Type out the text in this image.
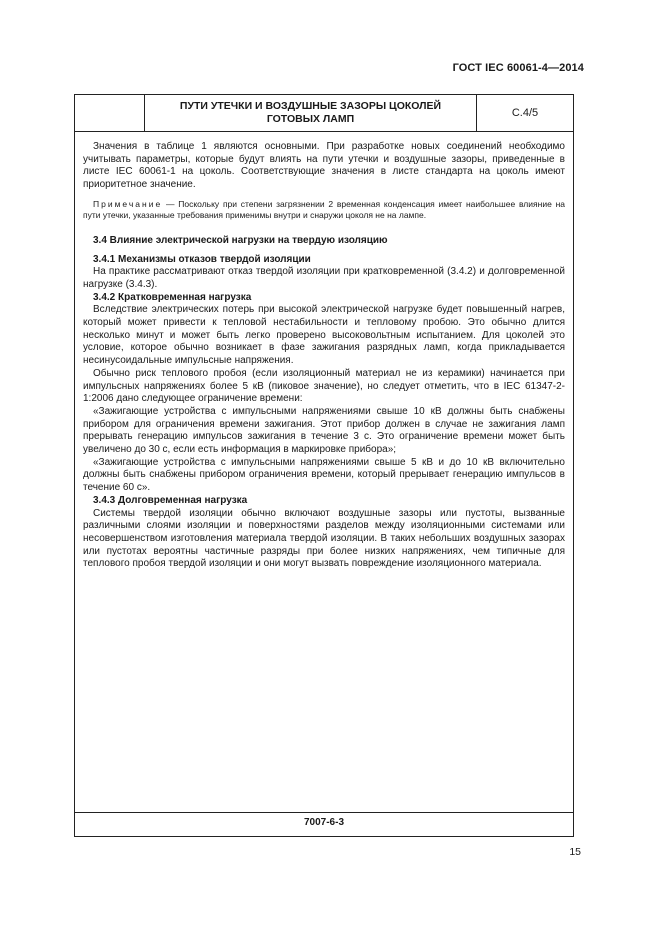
ГОСТ IEC 60061-4—2014
ПУТИ УТЕЧКИ И ВОЗДУШНЫЕ ЗАЗОРЫ ЦОКОЛЕЙ ГОТОВЫХ ЛАМП	С.4/5

Значения в таблице 1 являются основными. При разработке новых соединений необходимо учитывать параметры, которые будут влиять на пути утечки и воздушные зазоры, приведенные в листе IEC 60061-1 на цоколь. Соответствующие значения в листе стандарта на цоколь имеют приоритетное значение.

Примечание — Поскольку при степени загрязнении 2 временная конденсация имеет наибольшее влияние на пути утечки, указанные требования применимы внутри и снаружи цоколя не на лампе.

3.4 Влияние электрической нагрузки на твердую изоляцию
3.4.1 Механизмы отказов твердой изоляции

На практике рассматривают отказ твердой изоляции при кратковременной (3.4.2) и долговременной нагрузке (3.4.3).

3.4.2 Кратковременная нагрузка

Вследствие электрических потерь при высокой электрической нагрузке будет повышенный нагрев, который может привести к тепловой нестабильности и тепловому пробою. Это обычно длится несколько минут и может быть легко проверено высоковольтным испытанием. Для цоколей это условие, которое обычно возникает в фазе зажигания разрядных ламп, когда прикладывается несинусоидальные импульсные напряжения.

Обычно риск теплового пробоя (если изоляционный материал не из керамики) начинается при импульсных напряжениях более 5 кВ (пиковое значение), но следует отметить, что в IEC 61347-2-1:2006 дано следующее ограничение времени:

«Зажигающие устройства с импульсными напряжениями свыше 10 кВ должны быть снабжены прибором для ограничения времени зажигания. Этот прибор должен в случае не зажигания ламп прерывать генерацию импульсов зажигания в течение 3 с. Это ограничение времени может быть увеличено до 30 с, если есть информация в маркировке прибора»;

«Зажигающие устройства с импульсными напряжениями свыше 5 кВ и до 10 кВ включительно должны быть снабжены прибором ограничения времени, который прерывает генерацию импульсов в течение 60 с».

3.4.3 Долговременная нагрузка

Системы твердой изоляции обычно включают воздушные зазоры или пустоты, вызванные различными слоями изоляции и поверхностями разделов между изоляционными системами или несовершенством изготовления материала твердой изоляции. В таких небольших воздушных зазорах или пустотах вероятны частичные разряды при более низких напряжениях, чем типичные для теплового пробоя твердой изоляции и они могут вызвать повреждение изоляционного материала.

7007-6-3
15
